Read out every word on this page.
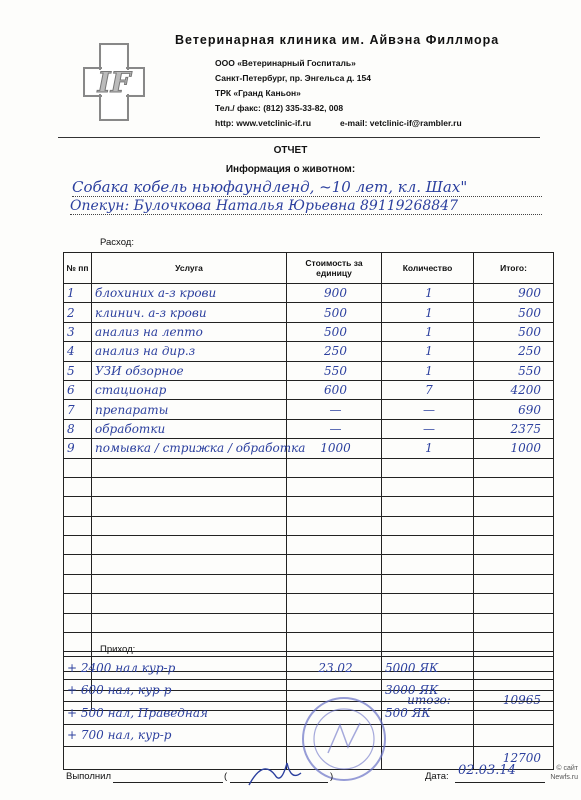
IF
Ветеринарная клиника им. Айвэна Филлмора
ООО «Ветеринарный Госпиталь»
Санкт-Петербург, пр. Энгельса д. 154
ТРК «Гранд Каньон»
Тел./ факс: (812) 335-33-82, 008
http: www.vetclinic-if.ru	e-mail: vetclinic-if@rambler.ru
ОТЧЕТ
Информация о животном:
Собака кобель ньюфаундленд, ~10 лет, кл. Шах"
Опекун: Булочкова Наталья Юрьевна 89119268847
Расход:
№ пп	Услуга	Стоимость за единицу	Количество	Итого:
1	блохиних а-з крови	900	1	900
2	клинич. а-з крови	500	1	500
3	анализ на лепто	500	1	500
4	анализ на дир.з	250	1	250
5	УЗИ обзорное	550	1	550
6	стационар	600	7	4200
7	препараты	—	—	690
8	обработки	—	—	2375
9	помывка / стрижка / обработка	1000	1	1000

			итого:	10965
Приход:
+ 2400 нал кур-р	23.02	5000 ЯК	
+ 600 нал, кур-р		3000 ЯК	
+ 500 нал, Праведная		500 ЯК	
+ 700 нал, кур-р			
			12700
Выполнил	(	)	Дата: 02.03.14	© сайт Newfs.ru
